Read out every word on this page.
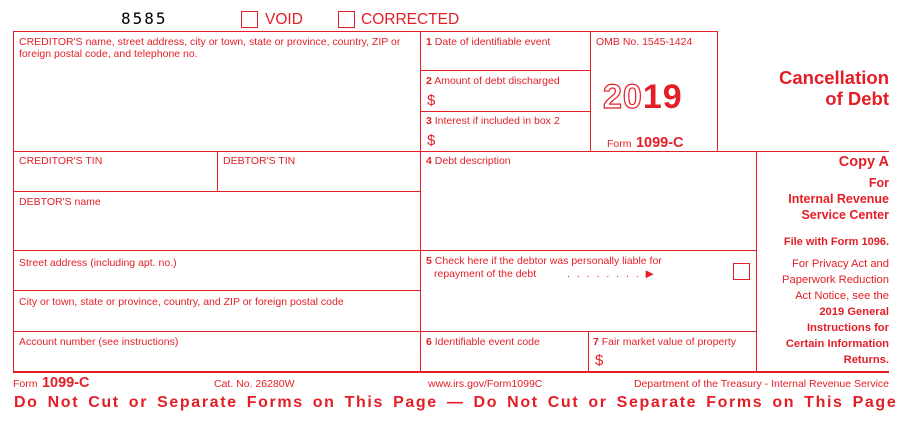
8585	VOID	CORRECTED
CREDITOR'S name, street address, city or town, state or province, country, ZIP or foreign postal code, and telephone no.
1 Date of identifiable event
2 Amount of debt discharged
$
3 Interest if included in box 2
$
OMB No. 1545-1424
2019
Form 1099-C
Cancellation
of Debt
CREDITOR'S TIN	DEBTOR'S TIN
DEBTOR'S name
Street address (including apt. no.)
City or town, state or province, country, and ZIP or foreign postal code
Account number (see instructions)
4 Debt description
5 Check here if the debtor was personally liable for
repayment of the debt	. . . . . . . . ▶
6 Identifiable event code	7 Fair market value of property
$
Copy A
For
Internal Revenue
Service Center
File with Form 1096.
For Privacy Act and
Paperwork Reduction
Act Notice, see the
2019 General
Instructions for
Certain Information
Returns.
Form 1099-C	Cat. No. 26280W	www.irs.gov/Form1099C	Department of the Treasury - Internal Revenue Service
Do Not Cut or Separate Forms on This Page — Do Not Cut or Separate Forms on This Page
